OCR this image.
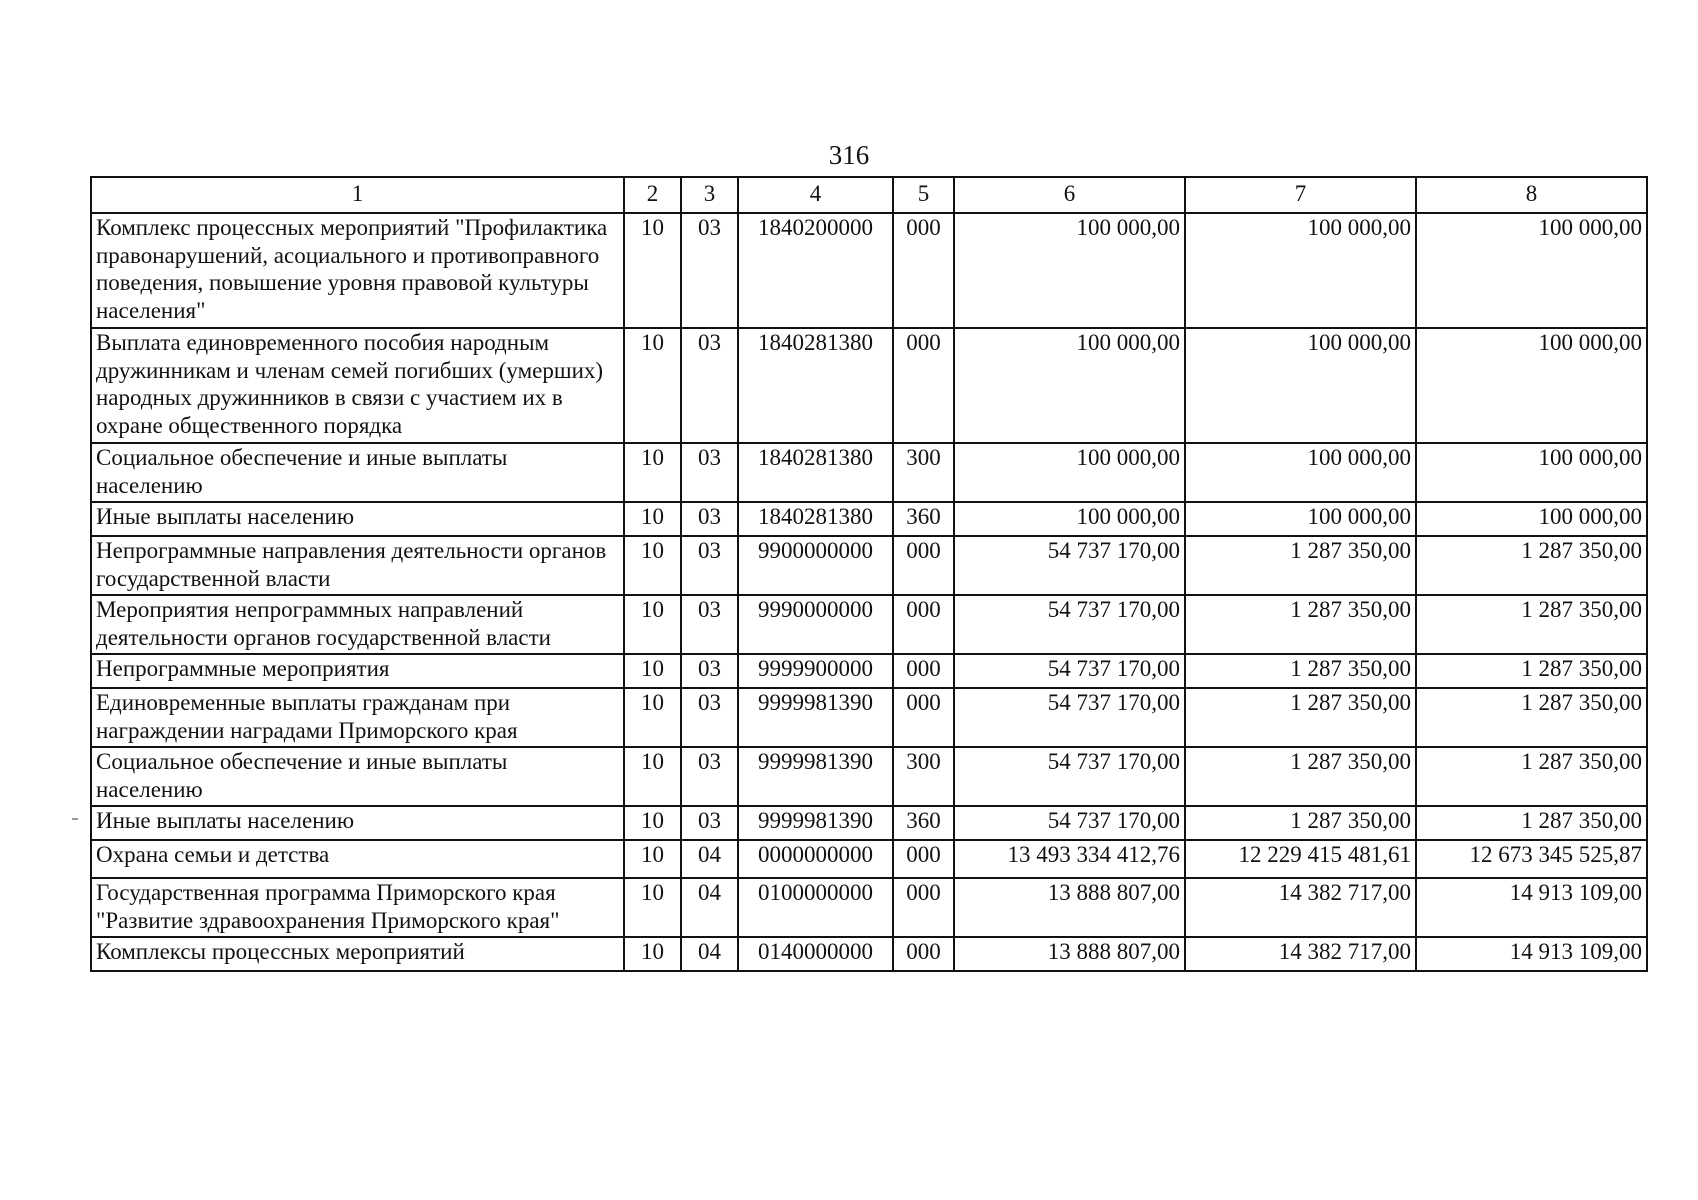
316
1	2	3	4	5	6	7	8
Комплекс процессных мероприятий "Профилактика правонарушений, асоциального и противоправного поведения, повышение уровня правовой культуры населения"	10	03	1840200000	000	100 000,00	100 000,00	100 000,00
Выплата единовременного пособия народным дружинникам и членам семей погибших (умерших) народных дружинников в связи с участием их в охране общественного порядка	10	03	1840281380	000	100 000,00	100 000,00	100 000,00
Социальное обеспечение и иные выплаты населению	10	03	1840281380	300	100 000,00	100 000,00	100 000,00
Иные выплаты населению	10	03	1840281380	360	100 000,00	100 000,00	100 000,00
Непрограммные направления деятельности органов государственной власти	10	03	9900000000	000	54 737 170,00	1 287 350,00	1 287 350,00
Мероприятия непрограммных направлений деятельности органов государственной власти	10	03	9990000000	000	54 737 170,00	1 287 350,00	1 287 350,00
Непрограммные мероприятия	10	03	9999900000	000	54 737 170,00	1 287 350,00	1 287 350,00
Единовременные выплаты гражданам при награждении наградами Приморского края	10	03	9999981390	000	54 737 170,00	1 287 350,00	1 287 350,00
Социальное обеспечение и иные выплаты населению	10	03	9999981390	300	54 737 170,00	1 287 350,00	1 287 350,00
Иные выплаты населению	10	03	9999981390	360	54 737 170,00	1 287 350,00	1 287 350,00
Охрана семьи и детства	10	04	0000000000	000	13 493 334 412,76	12 229 415 481,61	12 673 345 525,87
Государственная программа Приморского края "Развитие здравоохранения Приморского края"	10	04	0100000000	000	13 888 807,00	14 382 717,00	14 913 109,00
Комплексы процессных мероприятий	10	04	0140000000	000	13 888 807,00	14 382 717,00	14 913 109,00
